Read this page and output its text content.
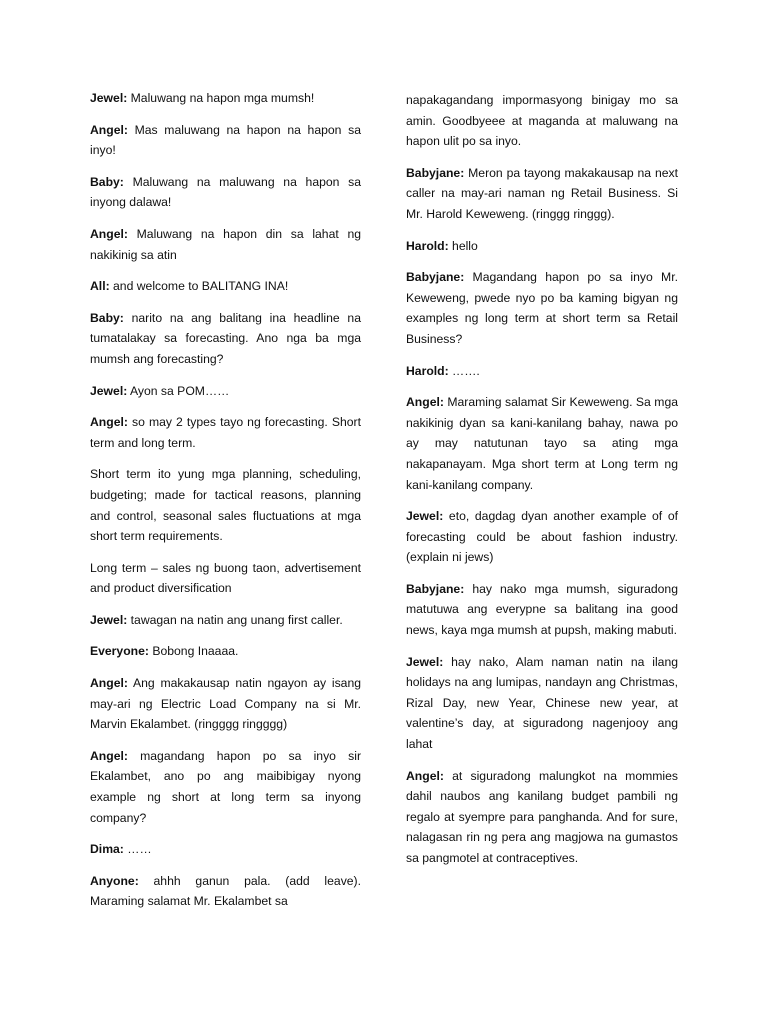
Jewel: Maluwang na hapon mga mumsh!

Angel: Mas maluwang na hapon na hapon sa inyo!

Baby: Maluwang na maluwang na hapon sa inyong dalawa!

Angel: Maluwang na hapon din sa lahat ng nakikinig sa atin

All: and welcome to BALITANG INA!

Baby: narito na ang balitang ina headline na tumatalakay sa forecasting. Ano nga ba mga mumsh ang forecasting?

Jewel: Ayon sa POM……

Angel: so may 2 types tayo ng forecasting. Short term and long term.

Short term ito yung mga planning, scheduling, budgeting; made for tactical reasons, planning and control, seasonal sales fluctuations at mga short term requirements.

Long term – sales ng buong taon, advertisement and product diversification

Jewel: tawagan na natin ang unang first caller.

Everyone: Bobong Inaaaa.

Angel: Ang makakausap natin ngayon ay isang may-ari ng Electric Load Company na si Mr. Marvin Ekalambet. (ringggg ringggg)

Angel: magandang hapon po sa inyo sir Ekalambet, ano po ang maibibigay nyong example ng short at long term sa inyong company?

Dima: ……

Anyone: ahhh ganun pala. (add leave). Maraming salamat Mr. Ekalambet sa

napakagandang impormasyong binigay mo sa amin. Goodbyeee at maganda at maluwang na hapon ulit po sa inyo.

Babyjane: Meron pa tayong makakausap na next caller na may-ari naman ng Retail Business. Si Mr. Harold Keweweng. (ringgg ringgg).

Harold: hello

Babyjane: Magandang hapon po sa inyo Mr. Keweweng, pwede nyo po ba kaming bigyan ng examples ng long term at short term sa Retail Business?

Harold: …….

Angel: Maraming salamat Sir Keweweng. Sa mga nakikinig dyan sa kani-kanilang bahay, nawa po ay may natutunan tayo sa ating mga nakapanayam. Mga short term at Long term ng kani-kanilang company.

Jewel: eto, dagdag dyan another example of of forecasting could be about fashion industry. (explain ni jews)

Babyjane: hay nako mga mumsh, siguradong matutuwa ang everypne sa balitang ina good news, kaya mga mumsh at pupsh, making mabuti.

Jewel: hay nako, Alam naman natin na ilang holidays na ang lumipas, nandayn ang Christmas, Rizal Day, new Year, Chinese new year, at valentine’s day, at siguradong nagenjooy ang lahat

Angel: at siguradong malungkot na mommies dahil naubos ang kanilang budget pambili ng regalo at syempre para panghanda. And for sure, nalagasan rin ng pera ang magjowa na gumastos sa pangmotel at contraceptives.
